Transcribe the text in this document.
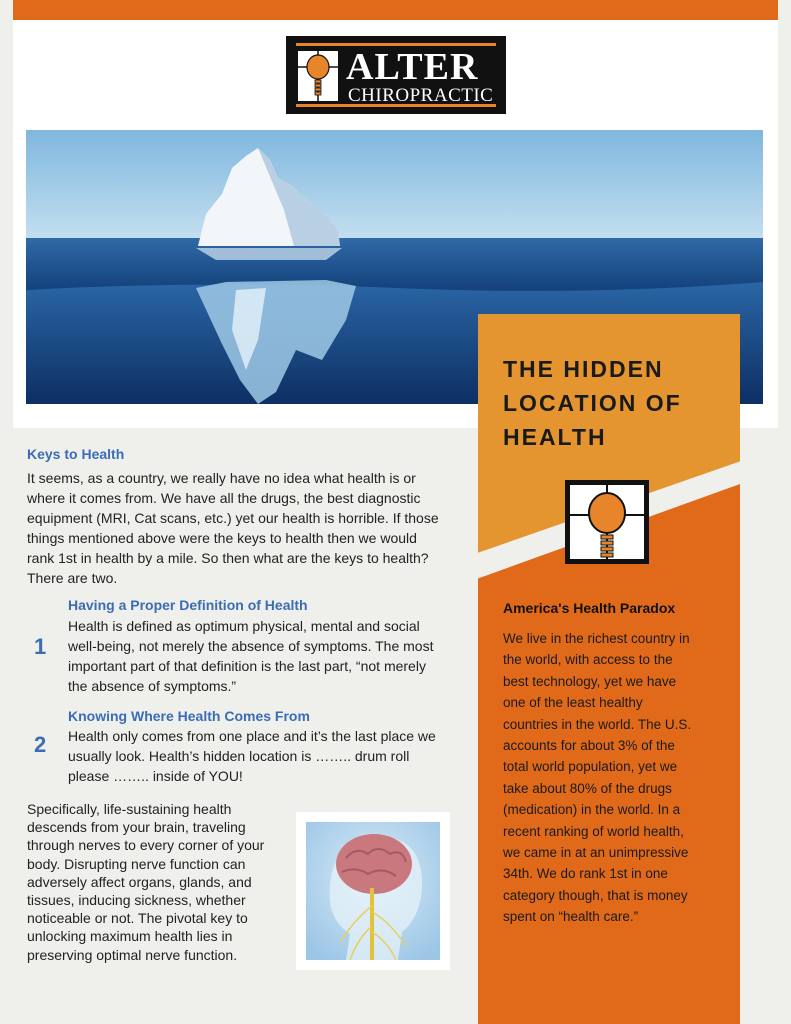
ALTER
CHIROPRACTIC
THE HIDDEN
LOCATION OF
HEALTH
America's Health Paradox
We live in the richest country in the world, with access to the best technology, yet we have one of the least healthy countries in the world. The U.S. accounts for about 3% of the total world population, yet we take about 80% of the drugs (medication) in the world. In a recent ranking of world health, we came in at an unimpressive 34th. We do rank 1st in one category though, that is money spent on “health care.”
Keys to Health
It seems, as a country, we really have no idea what health is or where it comes from. We have all the drugs, the best diagnostic equipment (MRI, Cat scans, etc.) yet our health is horrible. If those things mentioned above were the keys to health then we would rank 1st in health by a mile. So then what are the keys to health? There are two.
1
Having a Proper Definition of Health
Health is defined as optimum physical, mental and social well-being, not merely the absence of symptoms. The most important part of that definition is the last part, “not merely the absence of symptoms.”
2
Knowing Where Health Comes From
Health only comes from one place and it’s the last place we usually look. Health’s hidden location is …….. drum roll please …….. inside of YOU!
Specifically, life-sustaining health descends from your brain, traveling through nerves to every corner of your body. Disrupting nerve function can adversely affect organs, glands, and tissues, inducing sickness, whether noticeable or not. The pivotal key to unlocking maximum health lies in preserving optimal nerve function.
